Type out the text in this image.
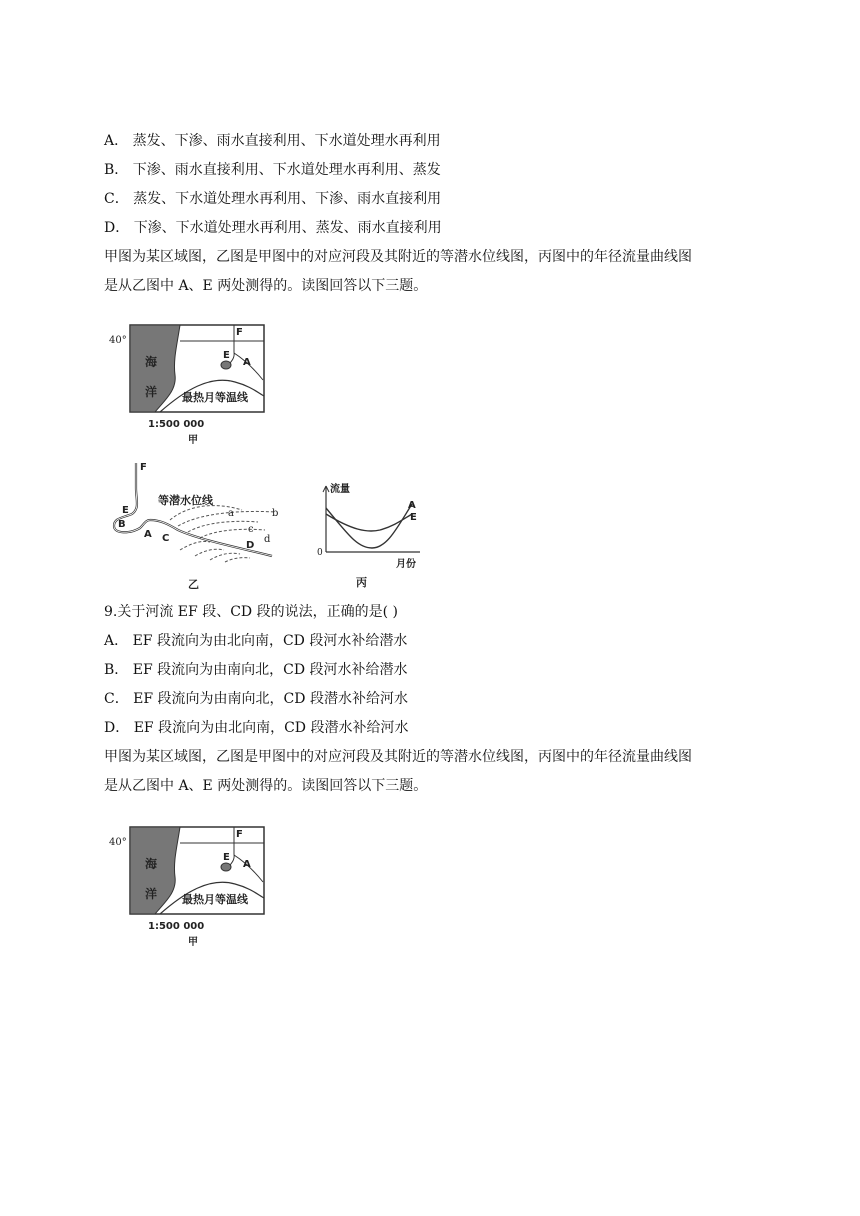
A． 蒸发、下渗、雨水直接利用、下水道处理水再利用
B． 下渗、雨水直接利用、下水道处理水再利用、蒸发
C． 蒸发、下水道处理水再利用、下渗、雨水直接利用
D． 下渗、下水道处理水再利用、蒸发、雨水直接利用
甲图为某区域图，乙图是甲图中的对应河段及其附近的等潜水位线图，丙图中的年径流量曲线图
是从乙图中 A、E 两处测得的。读图回答以下三题。
40°
海
洋
F
E
A
最热月等温线
1:500 000
甲
F
E
B
A C
D
等潜水位线
a	b
c
d
乙
流量
0
月份
A
E
丙
9.关于河流 EF 段、CD 段的说法，正确的是( )
A． EF 段流向为由北向南，CD 段河水补给潜水
B． EF 段流向为由南向北，CD 段河水补给潜水
C． EF 段流向为由南向北，CD 段潜水补给河水
D． EF 段流向为由北向南，CD 段潜水补给河水
甲图为某区域图，乙图是甲图中的对应河段及其附近的等潜水位线图，丙图中的年径流量曲线图
是从乙图中 A、E 两处测得的。读图回答以下三题。
40°
海
洋
F
E
A
最热月等温线
1:500 000
甲
